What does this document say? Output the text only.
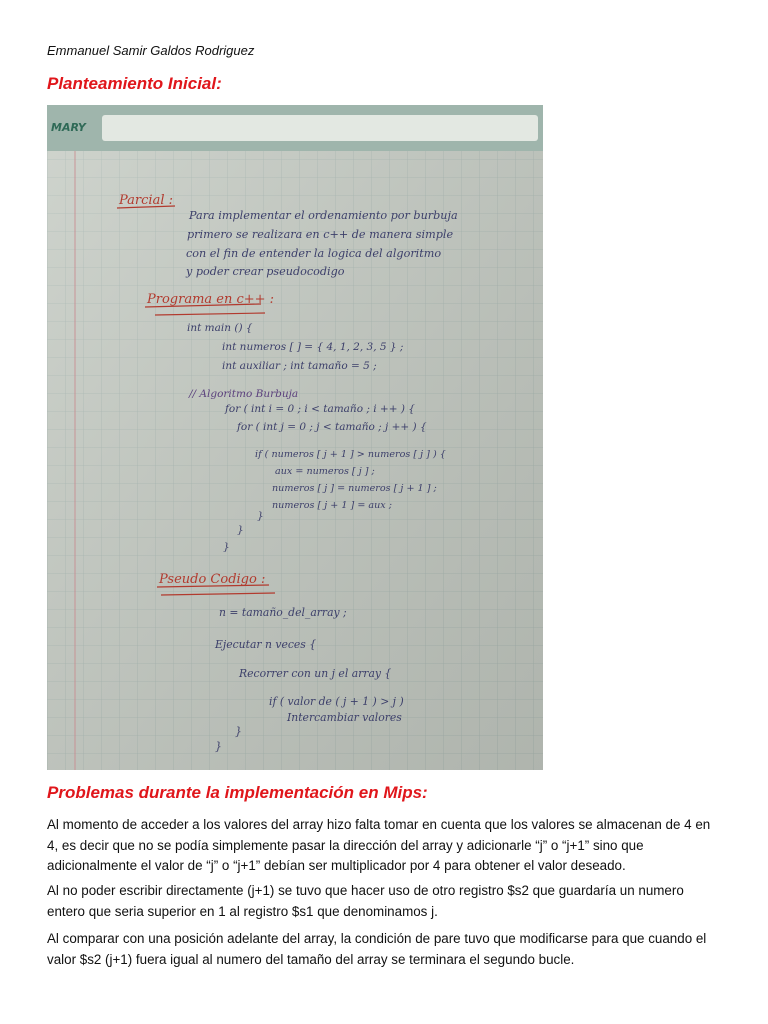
Emmanuel Samir Galdos Rodriguez
Planteamiento Inicial:
MARY
Parcial :
Programa en c++ :
Pseudo Codigo :
Para implementar el ordenamiento por burbuja
primero se realizara en c++ de manera simple
con el fin de entender la logica del algoritmo
y poder crear pseudocodigo
int main () {
int numeros [ ] = { 4, 1, 2, 3, 5 } ;
int auxiliar ; int tamaño = 5 ;
// Algoritmo Burbuja
for ( int i = 0 ; i < tamaño ; i ++ ) {
for ( int j = 0 ; j < tamaño ; j ++ ) {
if ( numeros [ j + 1 ] > numeros [ j ] ) {
aux = numeros [ j ] ;
numeros [ j ] = numeros [ j + 1 ] ;
numeros [ j + 1 ] = aux ;
}
}
}
n = tamaño_del_array ;
Ejecutar n veces {
Recorrer con un j el array {
if ( valor de ( j + 1 ) > j )
Intercambiar valores
}
}
Problemas durante la implementación en Mips:
Al momento de acceder a los valores del array hizo falta tomar en cuenta que los valores se almacenan de 4 en 4, es decir que no se podía simplemente pasar la dirección del array y adicionarle “j” o “j+1” sino que adicionalmente el valor de “j” o “j+1” debían ser multiplicador por 4 para obtener el valor deseado.
Al no poder escribir directamente (j+1) se tuvo que hacer uso de otro registro $s2 que guardaría un numero entero que seria superior en 1 al registro $s1 que denominamos j.
Al comparar con una posición adelante del array, la condición de pare tuvo que modificarse para que cuando el valor $s2 (j+1) fuera igual al numero del tamaño del array se terminara el segundo bucle.
